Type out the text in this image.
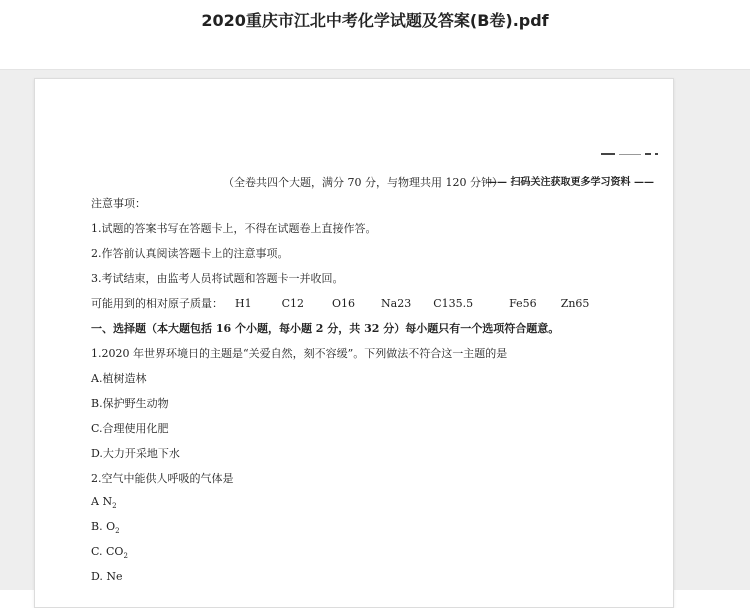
2020重庆市江北中考化学试题及答案(B卷).pdf
（全卷共四个大题，满分 70 分，与物理共用 120 分钟）
—— 扫码关注获取更多学习资料 ——
注意事项：
1.试题的答案书写在答题卡上，不得在试题卷上直接作答。
2.作答前认真阅读答题卡上的注意事项。
3.考试结束，由监考人员将试题和答题卡一并收回。
可能用到的相对原子质量： H1	C12	O16 Na23 C135.5	Fe56 Zn65
一、选择题（本大题包括 16 个小题，每小题 2 分，共 32 分）每小题只有一个选项符合题意。
1.2020 年世界环境日的主题是“关爱自然，刻不容缓”。下列做法不符合这一主题的是
A.植树造林
B.保护野生动物
C.合理使用化肥
D.大力开采地下水
2.空气中能供人呼吸的气体是
A $N_2$
B. $O_2$
C. $CO_2$
D. Ne
